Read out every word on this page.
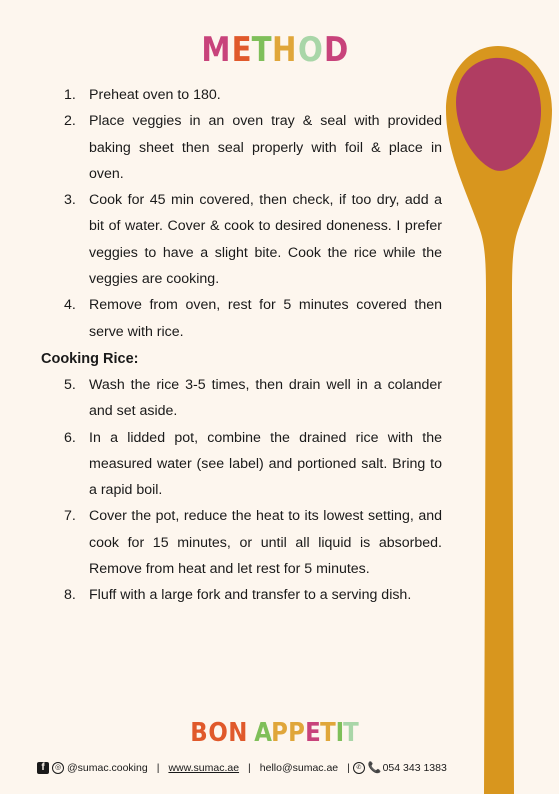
METHOD
1. Preheat oven to 180.
2. Place veggies in an oven tray & seal with provided baking sheet then seal properly with foil & place in oven.
3. Cook for 45 min covered, then check, if too dry, add a bit of water. Cover & cook to desired doneness. I prefer veggies to have a slight bite. Cook the rice while the veggies are cooking.
4. Remove from oven, rest for 5 minutes covered then serve with rice.
Cooking Rice:
5. Wash the rice 3-5 times, then drain well in a colander and set aside.
6. In a lidded pot, combine the drained rice with the measured water (see label) and portioned salt. Bring to a rapid boil.
7. Cover the pot, reduce the heat to its lowest setting, and cook for 15 minutes, or until all liquid is absorbed. Remove from heat and let rest for 5 minutes.
8. Fluff with a large fork and transfer to a serving dish.
BON APPETIT
f	◎ @sumac.cooking | www.sumac.ae | hello@sumac.ae |	✆ 📞 054 343 1383
